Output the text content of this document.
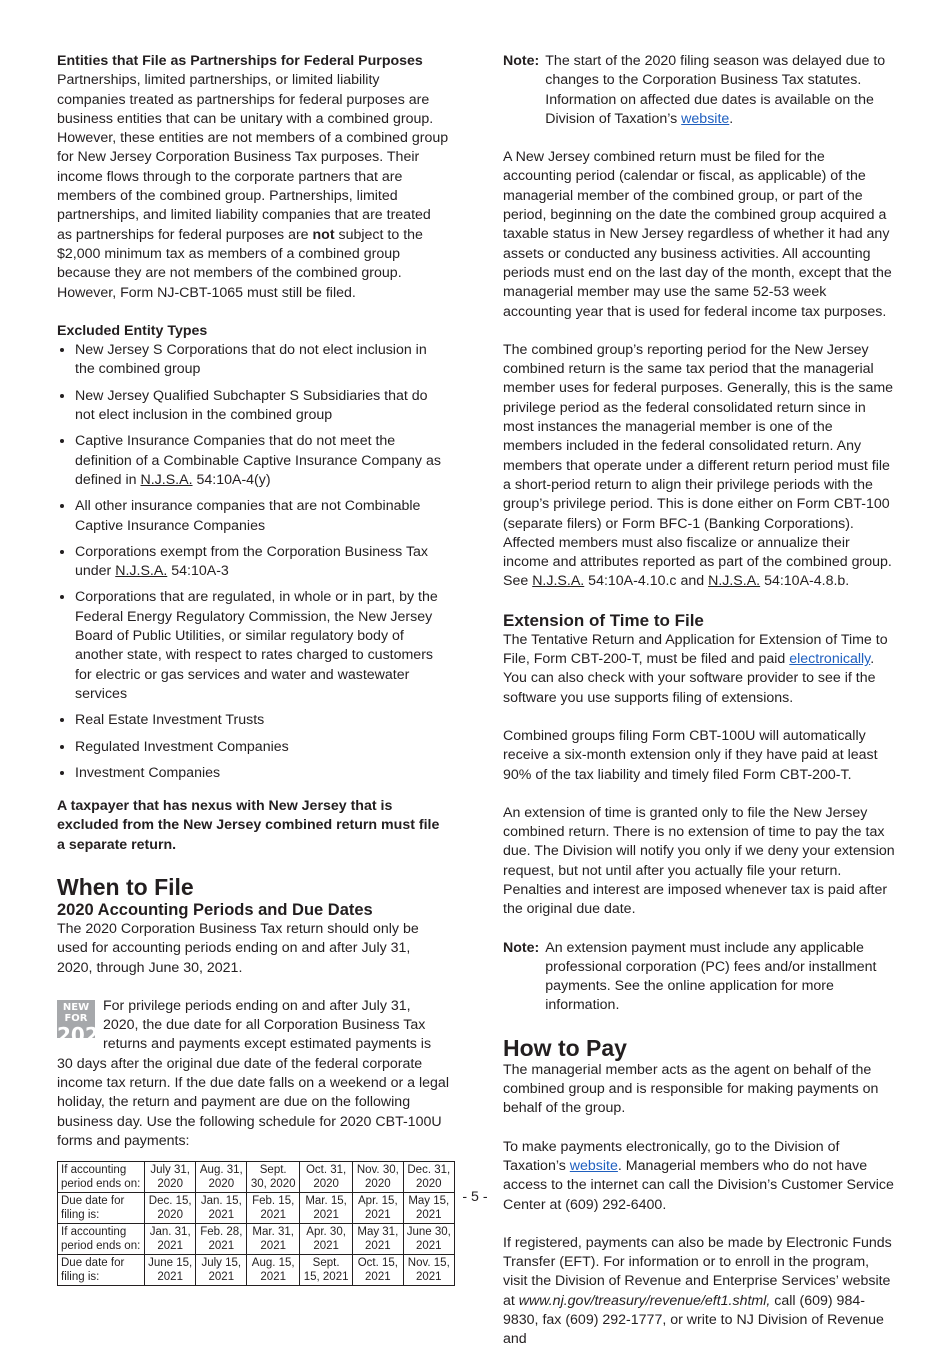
Entities that File as Partnerships for Federal Purposes

Partnerships, limited partnerships, or limited liability companies treated as partnerships for federal purposes are business entities that can be unitary with a combined group. However, these entities are not members of a combined group for New Jersey Corporation Business Tax purposes. Their income flows through to the corporate partners that are members of the combined group. Partnerships, limited partnerships, and limited liability companies that are treated as partnerships for federal purposes are not subject to the $2,000 minimum tax as members of a combined group because they are not members of the combined group. However, Form NJ-CBT-1065 must still be filed.

Excluded Entity Types
• New Jersey S Corporations that do not elect inclusion in the combined group
• New Jersey Qualified Subchapter S Subsidiaries that do not elect inclusion in the combined group
• Captive Insurance Companies that do not meet the definition of a Combinable Captive Insurance Company as defined in N.J.S.A. 54:10A-4(y)
• All other insurance companies that are not Combinable Captive Insurance Companies
• Corporations exempt from the Corporation Business Tax under N.J.S.A. 54:10A-3
• Corporations that are regulated, in whole or in part, by the Federal Energy Regulatory Commission, the New Jersey Board of Public Utilities, or similar regulatory body of another state, with respect to rates charged to customers for electric or gas services and water and wastewater services
• Real Estate Investment Trusts
• Regulated Investment Companies
• Investment Companies

A taxpayer that has nexus with New Jersey that is excluded from the New Jersey combined return must file a separate return.

When to File
2020 Accounting Periods and Due Dates

The 2020 Corporation Business Tax return should only be used for accounting periods ending on and after July 31, 2020, through June 30, 2021.

NEW FOR
2020
For privilege periods ending on and after July 31, 2020, the due date for all Corporation Business Tax returns and payments except estimated payments is 30 days after the original due date of the federal corporate income tax return. If the due date falls on a weekend or a legal holiday, the return and payment are due on the following business day. Use the following schedule for 2020 CBT-100U forms and payments:
If accounting period ends on:	July 31, 2020	Aug. 31, 2020	Sept. 30, 2020	Oct. 31, 2020	Nov. 30, 2020	Dec. 31, 2020
Due date for filing is:	Dec. 15, 2020	Jan. 15, 2021	Feb. 15, 2021	Mar. 15, 2021	Apr. 15, 2021	May 15, 2021
If accounting period ends on:	Jan. 31, 2021	Feb. 28, 2021	Mar. 31, 2021	Apr. 30, 2021	May 31, 2021	June 30, 2021
Due date for filing is:	June 15, 2021	July 15, 2021	Aug. 15, 2021	Sept. 15, 2021	Oct. 15, 2021	Nov. 15, 2021

Note: The start of the 2020 filing season was delayed due to changes to the Corporation Business Tax statutes. Information on affected due dates is available on the Division of Taxation’s website.

A New Jersey combined return must be filed for the accounting period (calendar or fiscal, as applicable) of the managerial member of the combined group, or part of the period, beginning on the date the combined group acquired a taxable status in New Jersey regardless of whether it had any assets or conducted any business activities. All accounting periods must end on the last day of the month, except that the managerial member may use the same 52-53 week accounting year that is used for federal income tax purposes.

The combined group’s reporting period for the New Jersey combined return is the same tax period that the managerial member uses for federal purposes. Generally, this is the same privilege period as the federal consolidated return since in most instances the managerial member is one of the members included in the federal consolidated return. Any members that operate under a different return period must file a short-period return to align their privilege periods with the group’s privilege period. This is done either on Form CBT-100 (separate filers) or Form BFC-1 (Banking Corporations). Affected members must also fiscalize or annualize their income and attributes reported as part of the combined group. See N.J.S.A. 54:10A-4.10.c and N.J.S.A. 54:10A-4.8.b.

Extension of Time to File

The Tentative Return and Application for Extension of Time to File, Form CBT-200-T, must be filed and paid electronically. You can also check with your software provider to see if the software you use supports filing of extensions.

Combined groups filing Form CBT-100U will automatically receive a six-month extension only if they have paid at least 90% of the tax liability and timely filed Form CBT-200-T.

An extension of time is granted only to file the New Jersey combined return. There is no extension of time to pay the tax due. The Division will notify you only if we deny your extension request, but not until after you actually file your return. Penalties and interest are imposed whenever tax is paid after the original due date.

Note: An extension payment must include any applicable professional corporation (PC) fees and/or installment payments. See the online application for more information.

How to Pay

The managerial member acts as the agent on behalf of the combined group and is responsible for making payments on behalf of the group.

To make payments electronically, go to the Division of Taxation’s website. Managerial members who do not have access to the internet can call the Division’s Customer Service Center at (609) 292-6400.

If registered, payments can also be made by Electronic Funds Transfer (EFT). For information or to enroll in the program, visit the Division of Revenue and Enterprise Services’ website at www.nj.gov/treasury/revenue/eft1.shtml, call (609) 984-9830, fax (609) 292-1777, or write to NJ Division of Revenue and

- 5 -
